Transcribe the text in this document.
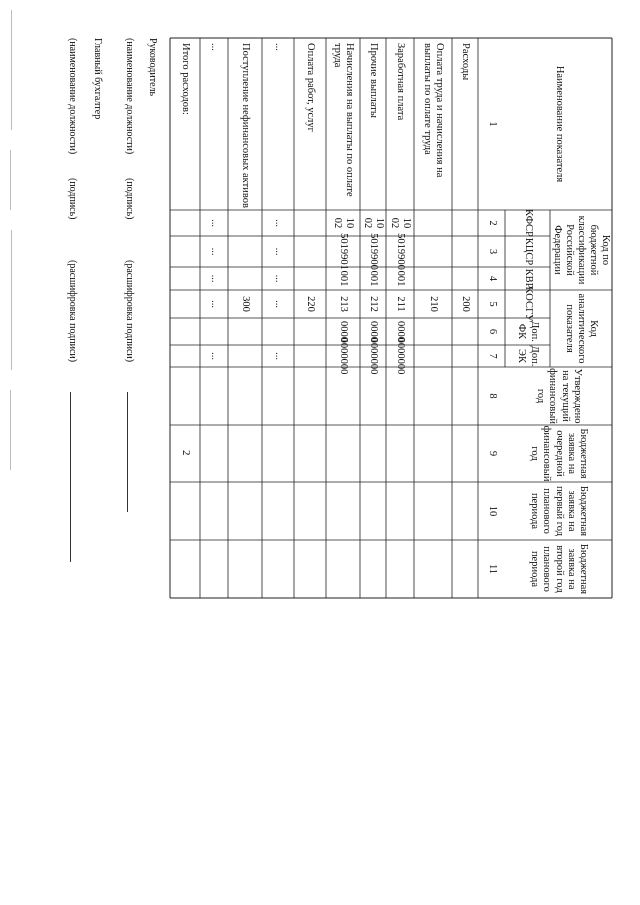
2
Наименование показателя
Код по бюджетной классификации Российской Федерации
КФСР
КЦСР
КВР
Код аналитического показателя
КОСГУ
Доп. ФК
Доп. ЭК
Утверждено на текущий финансовый год
Бюджетная заявка на очередной финансовый год
Бюджетная заявка на первый год планового периода
Бюджетная заявка на второй год планового периода
1
2
3
4
5
6
7
8
9
10
11
Расходы
200
Оплата труда и начисления на выплаты по оплате труда
210
Заработная плата
10 02
5019900
001
211
0000
0000000
Прочие выплаты
10 02
5019900
001
212
0000
0000000
Начисления на выплаты по оплате труда
10 02
5019901
001
213
0000
0000000
Оплата работ, услуг
220
...
...
...
...
...
...
Поступление нефинансовых активов
300
...
...
...
...
...
...
Итого расходов:
Руководитель
(наименование должности)
(подпись)
(расшифровка подписи)
Главный бухгалтер
(наименование должности)
(подпись)
(расшифровка подписи)
